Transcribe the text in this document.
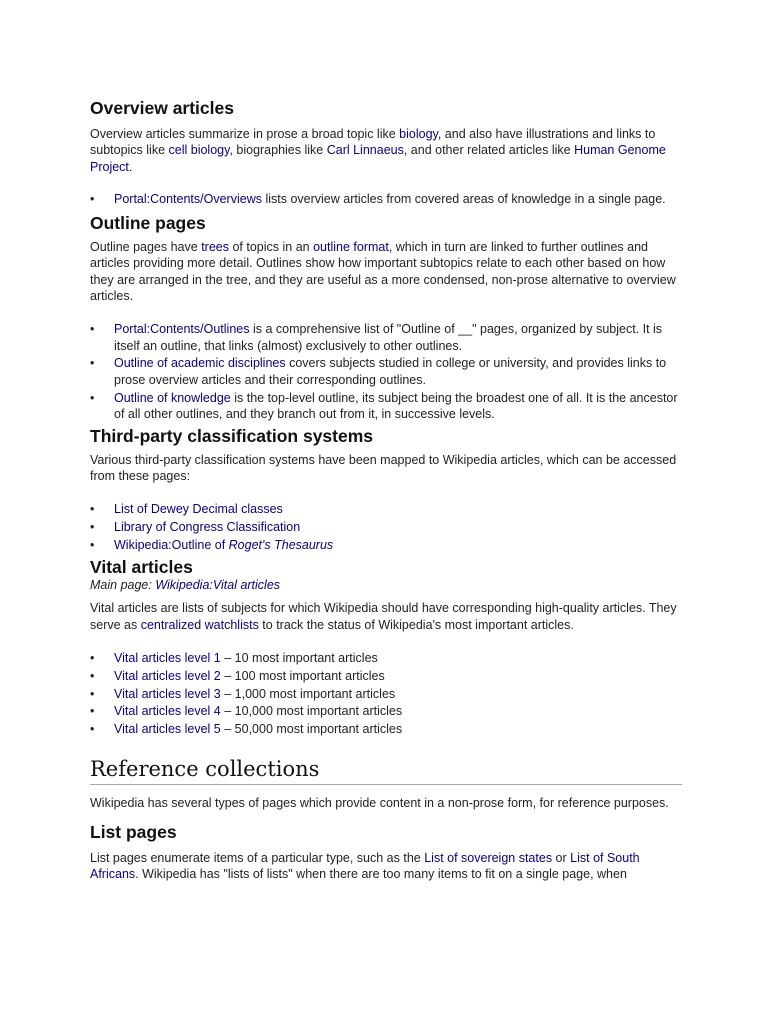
Overview articles

Overview articles summarize in prose a broad topic like biology, and also have illustrations and links to subtopics like cell biology, biographies like Carl Linnaeus, and other related articles like Human Genome Project.

• Portal:Contents/Overviews lists overview articles from covered areas of knowledge in a single page.
Outline pages

Outline pages have trees of topics in an outline format, which in turn are linked to further outlines and articles providing more detail. Outlines show how important subtopics relate to each other based on how they are arranged in the tree, and they are useful as a more condensed, non-prose alternative to overview articles.

• Portal:Contents/Outlines is a comprehensive list of "Outline of __" pages, organized by subject. It is itself an outline, that links (almost) exclusively to other outlines.
• Outline of academic disciplines covers subjects studied in college or university, and provides links to prose overview articles and their corresponding outlines.
• Outline of knowledge is the top-level outline, its subject being the broadest one of all. It is the ancestor of all other outlines, and they branch out from it, in successive levels.
Third-party classification systems

Various third-party classification systems have been mapped to Wikipedia articles, which can be accessed from these pages:

• List of Dewey Decimal classes
• Library of Congress Classification
• Wikipedia:Outline of Roget's Thesaurus
Vital articles
Main page: Wikipedia:Vital articles

Vital articles are lists of subjects for which Wikipedia should have corresponding high-quality articles. They serve as centralized watchlists to track the status of Wikipedia's most important articles.

• Vital articles level 1 – 10 most important articles
• Vital articles level 2 – 100 most important articles
• Vital articles level 3 – 1,000 most important articles
• Vital articles level 4 – 10,000 most important articles
• Vital articles level 5 – 50,000 most important articles
Reference collections

Wikipedia has several types of pages which provide content in a non-prose form, for reference purposes.

List pages

List pages enumerate items of a particular type, such as the List of sovereign states or List of South Africans. Wikipedia has "lists of lists" when there are too many items to fit on a single page, when
